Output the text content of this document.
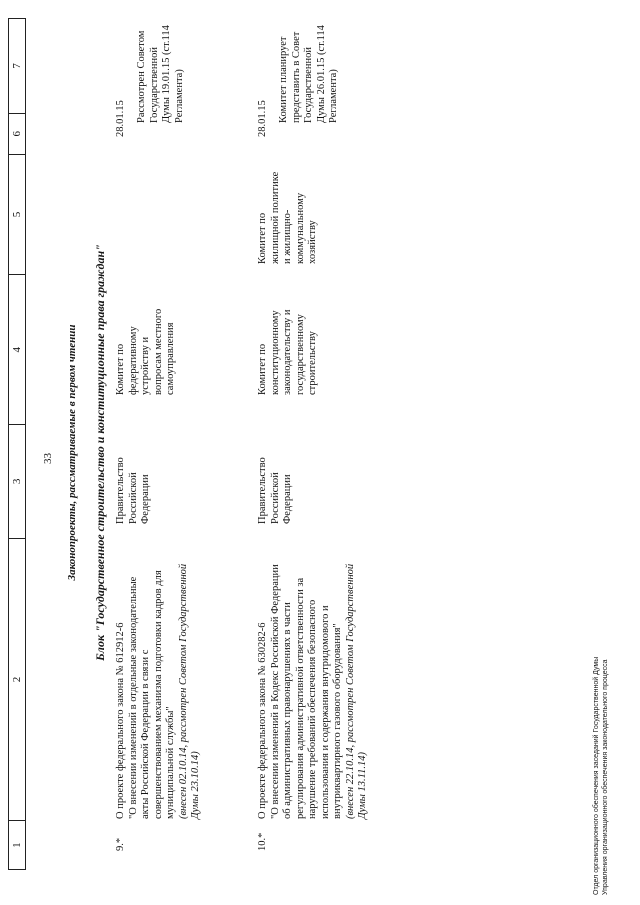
33
1
2
3
4
5
6
7
Законопроекты, рассматриваемые в первом чтении Блок "Государственное строительство и конституционные права граждан"
9.*
О проекте федерального закона № 612912-6 "О внесении изменений в отдельные законодательные акты Российской Федерации в связи с совершенствованием механизма подготовки кадров для муниципальной службы" (внесен 02.10.14, рассмотрен Советом Государственной Думы 23.10.14)
Правительство Российской Федерации
Комитет по федеративному устройству и вопросам местного самоуправления
28.01.15 Рассмотрен Советом Государственной Думы 19.01.15 (ст.114 Регламента)
10.*
О проекте федерального закона № 630282-6 "О внесении изменений в Кодекс Российской Федерации об административных правонарушениях в части регулирования административной ответственности за нарушение требований обеспечения безопасного использования и содержания внутридомового и внутриквартирного газового оборудования" (внесен 22.10.14, рассмотрен Советом Государственной Думы 13.11.14)
Правительство Российской Федерации
Комитет по конституционному законодательству и государственному строительству
Комитет по жилищной политике и жилищно-коммунальному хозяйству
28.01.15 Комитет планирует представить в Совет Государственной Думы 26.01.15 (ст.114 Регламента)
Отдел организационного обеспечения заседаний Государственной Думы Управления организационного обеспечения законодательного процесса
